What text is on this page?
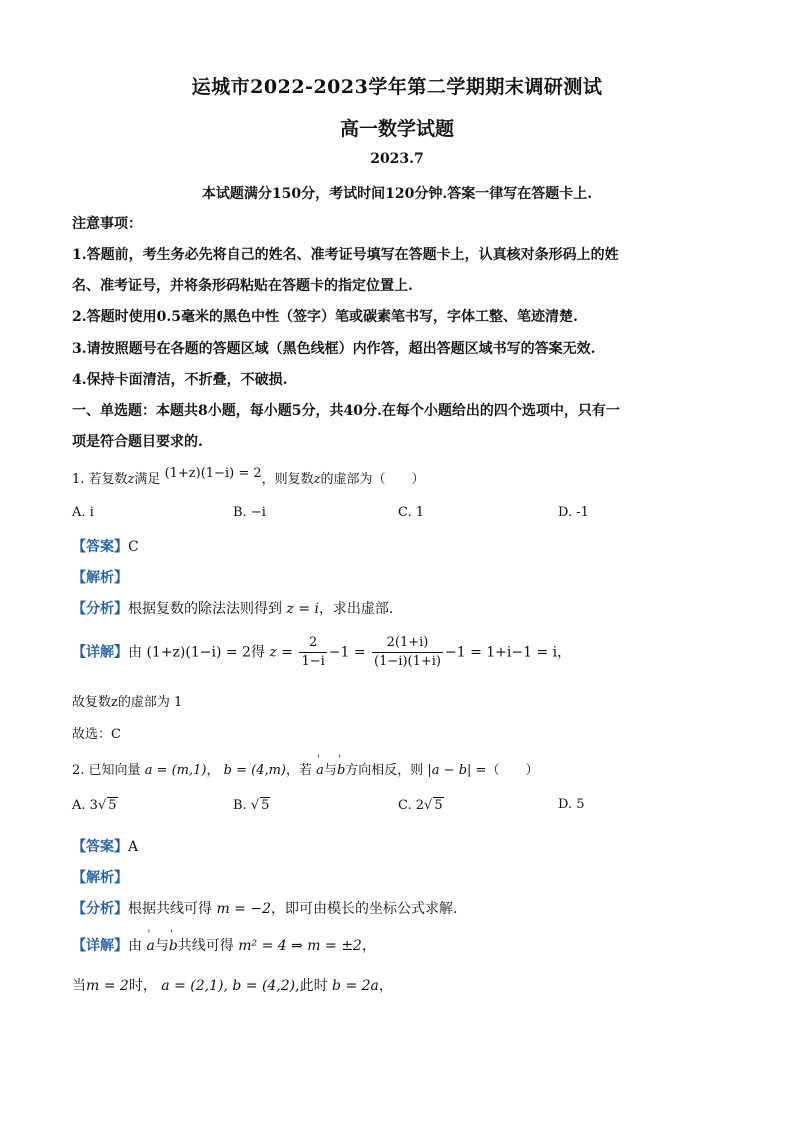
运城市2022-2023学年第二学期期末调研测试
高一数学试题
2023.7
本试题满分150分，考试时间120分钟.答案一律写在答题卡上.
注意事项：
1.答题前，考生务必先将自己的姓名、准考证号填写在答题卡上，认真核对条形码上的姓
名、准考证号，并将条形码粘贴在答题卡的指定位置上.
2.答题时使用0.5毫米的黑色中性（签字）笔或碳素笔书写，字体工整、笔迹清楚.
3.请按照题号在各题的答题区域（黑色线框）内作答，超出答题区域书写的答案无效.
4.保持卡面清洁，不折叠，不破损.
一、单选题：本题共8小题，每小题5分，共40分.在每个小题给出的四个选项中，只有一
项是符合题目要求的.
1. 若复数z满足 (1+z)(1−i) = 2，则复数z的虚部为（　　）
A. i	B. −i	C. 1	D. -1
【答案】C
【解析】
【分析】根据复数的除法法则得到 z = i，求出虚部.
【详解】由 (1+z)(1−i) = 2得 $z = \frac{2}{1-i} -1 = \frac{2(1+i)}{(1-i)(1+i)} -1 = 1+i-1 = i$，
故复数z的虚部为 1
故选：C
2. 已知向量 a = (m,1)， b = (4,m)，若 ' a与' b方向相反，则 |a − b| =（　　）
A. 3√ 5	B. √ 5	C. 2√ 5	D. 5
【答案】A
【解析】
【分析】根据共线可得 m = −2，即可由模长的坐标公式求解.
【详解】由 ' a与' b共线可得 m² = 4 ⇒ m = ±2，
当m = 2时， a = (2,1), b = (4,2),此时 b = 2a，
